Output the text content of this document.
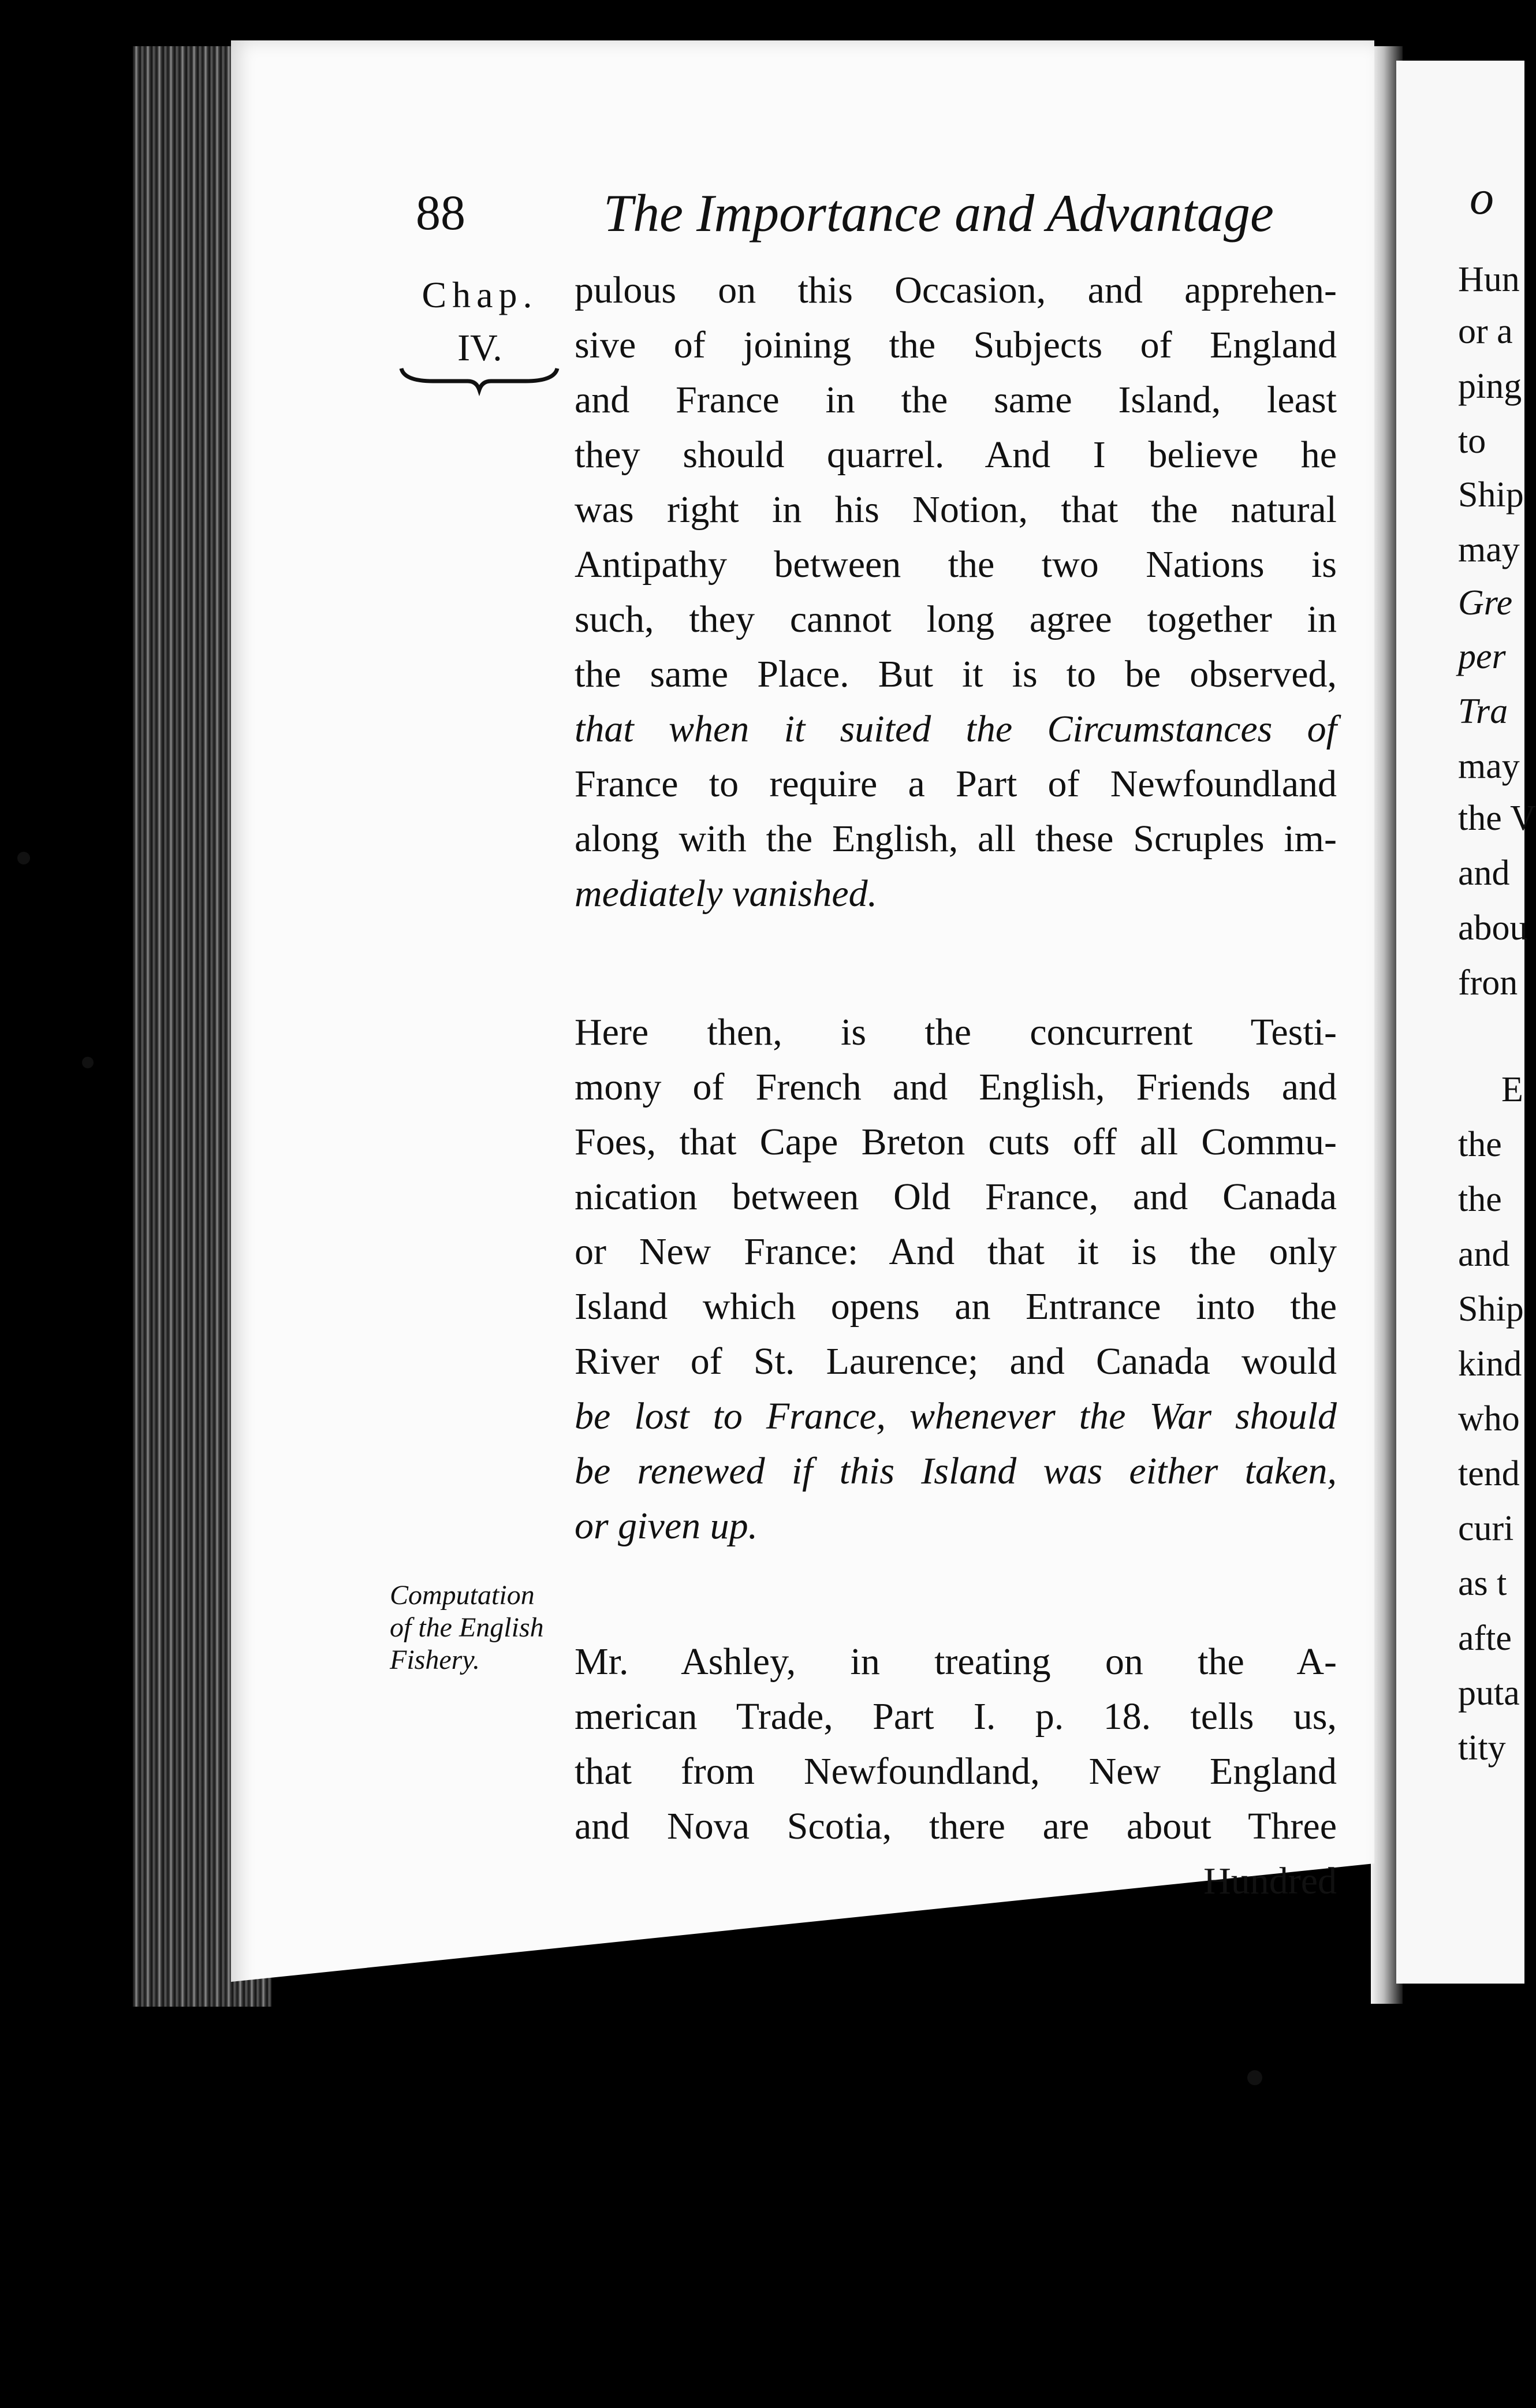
88	The Importance and Advantage
Chap.
IV.
pulous on this Occasion, and apprehen-
sive of joining the Subjects of England
and France in the same Island, least
they should quarrel. And I believe he
was right in his Notion, that the natural
Antipathy between the two Nations is
such, they cannot long agree together in
the same Place. But it is to be observed,
that when it suited the Circumstances of
France to require a Part of Newfoundland
along with the English, all these Scruples im-
mediately vanished.
Here then, is the concurrent Testi-
mony of French and English, Friends and
Foes, that Cape Breton cuts off all Commu-
nication between Old France, and Canada
or New France: And that it is the only
Island which opens an Entrance into the
River of St. Laurence; and Canada would
be lost to France, whenever the War should
be renewed if this Island was either taken,
or given up.
Mr. Ashley, in treating on the A-
merican Trade, Part I. p. 18. tells us,
that from Newfoundland, New England
and Nova Scotia, there are about Three
Hundred
Computation
of the English
Fishery.
o
Hun
or a
ping
to
Ship
may
Gre
per
Tra
may
the V
and
abou
fron
E
the
the
and
Ship
kind
who
tend
curi
as t
afte
puta
tity
